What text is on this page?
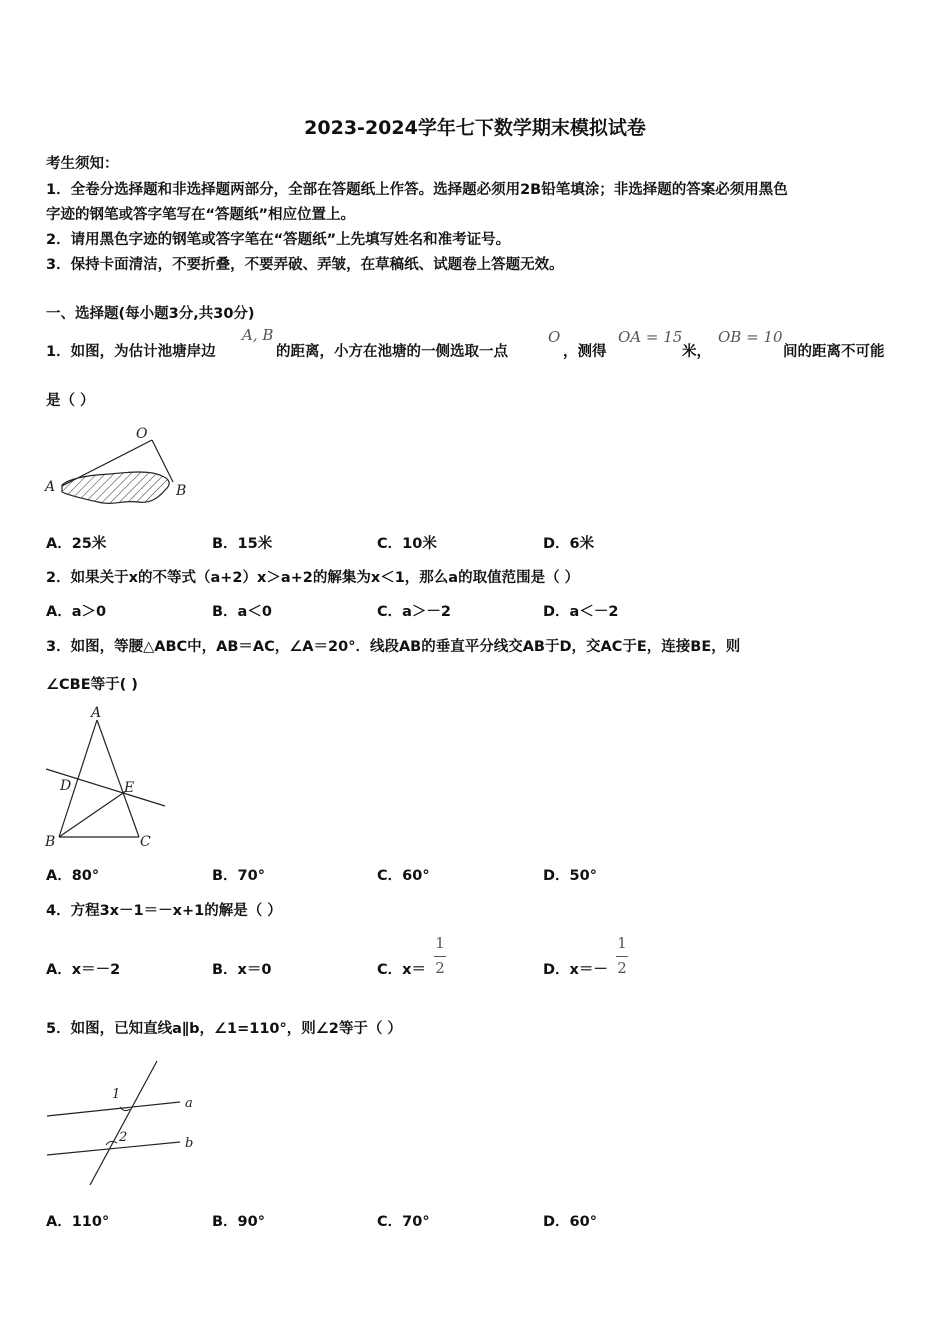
2023-2024学年七下数学期末模拟试卷
考生须知：
1．全卷分选择题和非选择题两部分，全部在答题纸上作答。选择题必须用2B铅笔填涂；非选择题的答案必须用黑色
字迹的钢笔或答字笔写在“答题纸”相应位置上。
2．请用黑色字迹的钢笔或答字笔在“答题纸”上先填写姓名和准考证号。
3．保持卡面清洁，不要折叠，不要弄破、弄皱，在草稿纸、试题卷上答题无效。
一、选择题(每小题3分,共30分)
1．如图，为估计池塘岸边
A, B
的距离，小方在池塘的一侧选取一点
O
，测得
OA = 15
米，
OB = 10
间的距离不可能
是（ ）
O
A	B
A．25米	B．15米	C．10米	D．6米
2．如果关于x的不等式（a+2）x＞a+2的解集为x＜1，那么a的取值范围是（ ）
A．a＞0	B．a＜0	C．a＞－2	D．a＜－2
3．如图，等腰△ABC中，AB＝AC，∠A＝20°．线段AB的垂直平分线交AB于D，交AC于E，连接BE，则
∠CBE等于( )
A
D	E
B	C
A．80°	B．70°	C．60°	D．50°
4．方程3x－1＝－x+1的解是（ ）
A．x＝－2	B．x＝0	C．x＝
1
2	D．x＝－
1
2
5．如图，已知直线a∥b，∠1=110°，则∠2等于（ ）
1
2
a
b
A．110°	B．90°	C．70°	D．60°
